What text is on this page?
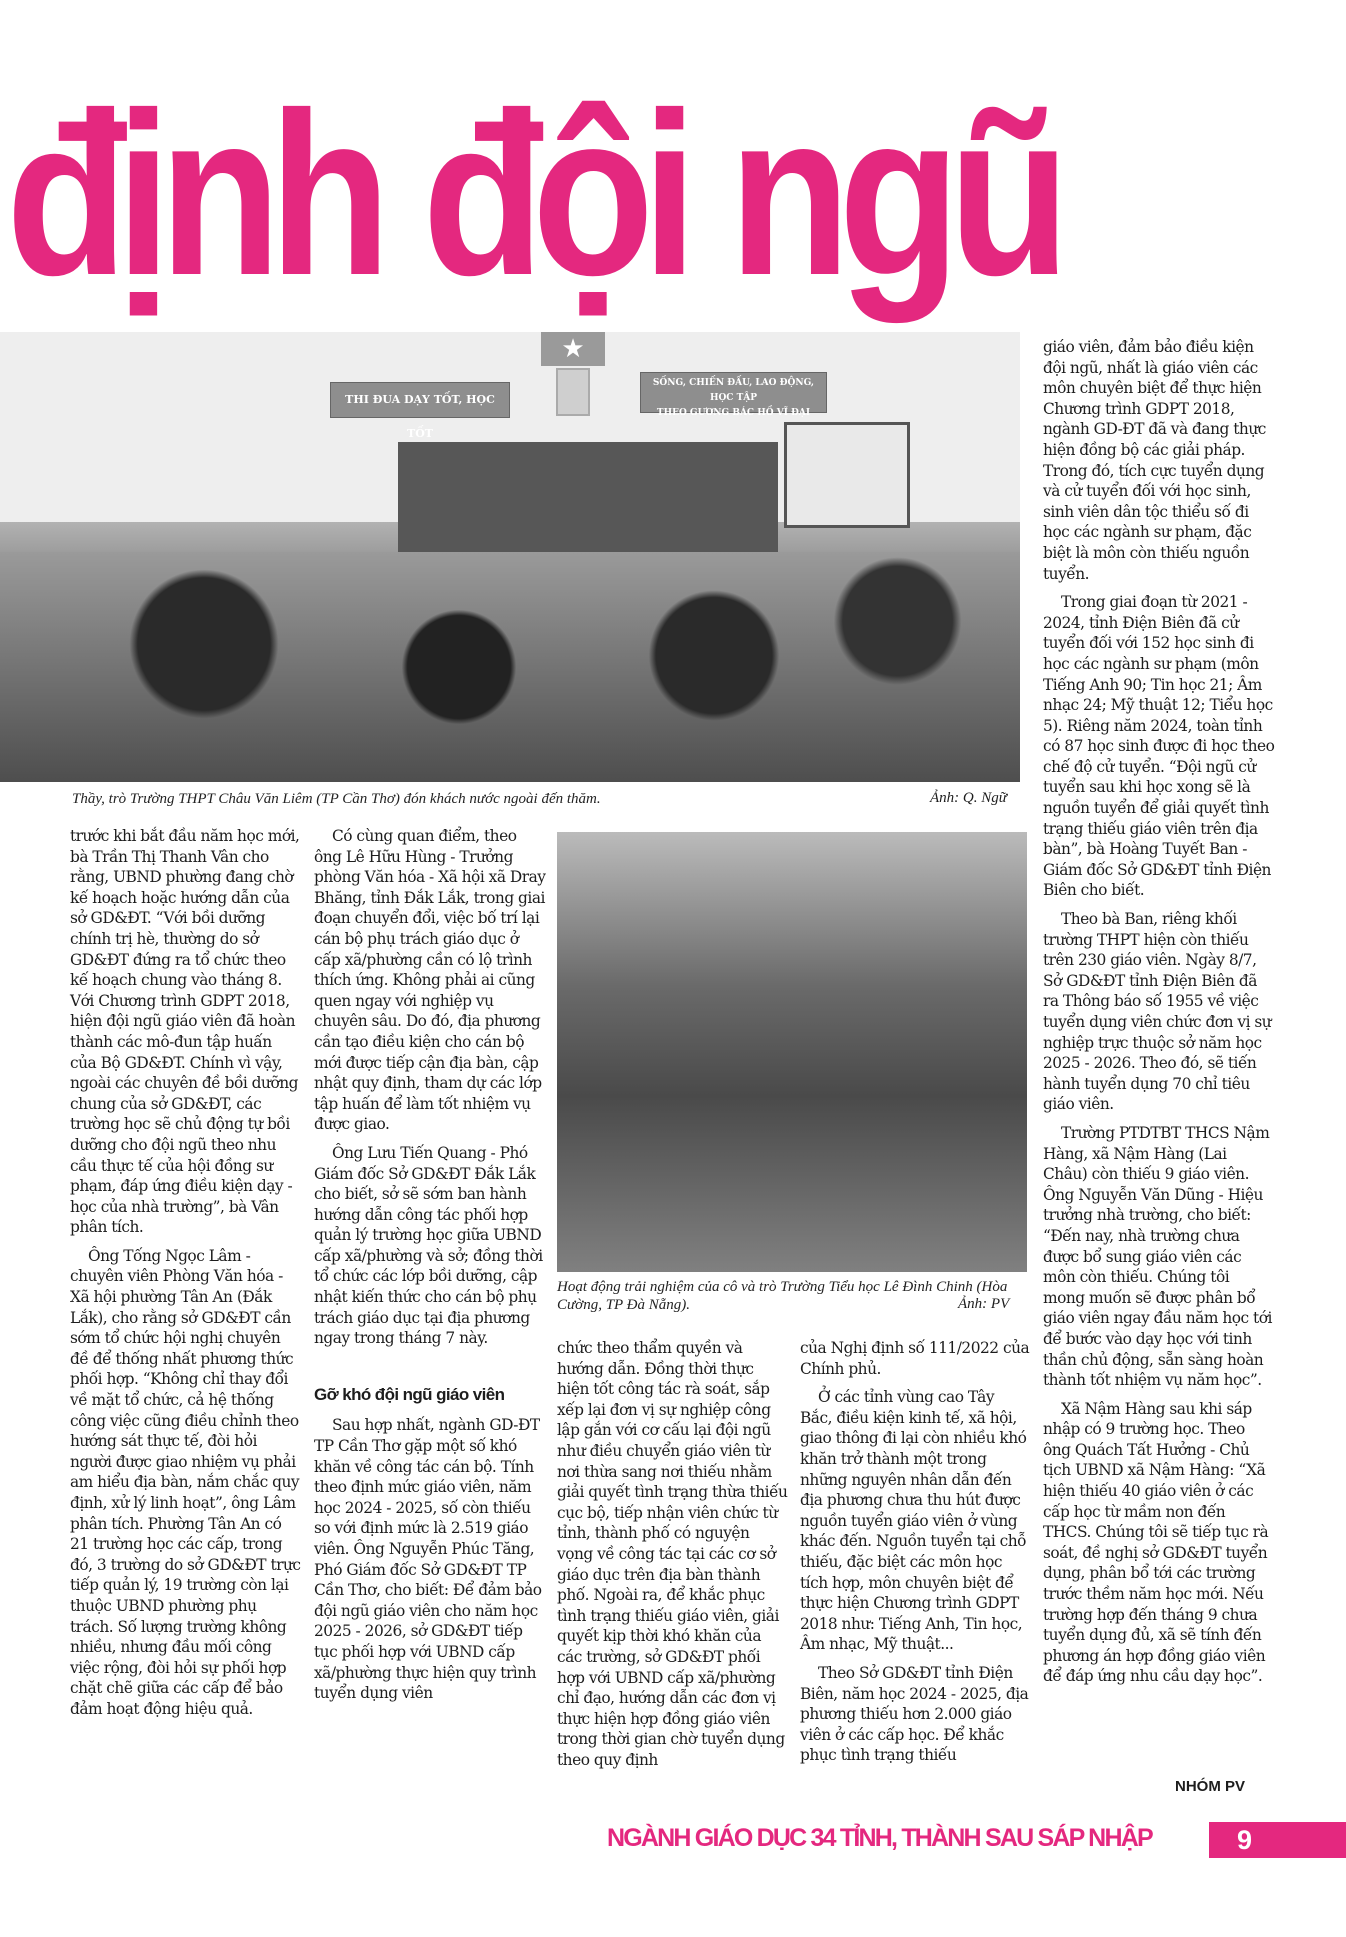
định đội ngũ
★
THI ĐUA DẠY TỐT, HỌC TỐT
SỐNG, CHIẾN ĐẤU, LAO ĐỘNG, HỌC TẬP
THEO GƯƠNG BÁC HỒ VĨ ĐẠI
Thầy, trò Trường THPT Châu Văn Liêm (TP Cần Thơ) đón khách nước ngoài đến thăm.	Ảnh: Q. Ngữ
Hoạt động trải nghiệm của cô và trò Trường Tiểu học Lê Đình Chinh (Hòa Cường, TP Đà Nẵng).	Ảnh: PV

trước khi bắt đầu năm học mới, bà Trần Thị Thanh Vân cho rằng, UBND phường đang chờ kế hoạch hoặc hướng dẫn của sở GD&ĐT. “Với bồi dưỡng chính trị hè, thường do sở GD&ĐT đứng ra tổ chức theo kế hoạch chung vào tháng 8. Với Chương trình GDPT 2018, hiện đội ngũ giáo viên đã hoàn thành các mô-đun tập huấn của Bộ GD&ĐT. Chính vì vậy, ngoài các chuyên đề bồi dưỡng chung của sở GD&ĐT, các trường học sẽ chủ động tự bồi dưỡng cho đội ngũ theo nhu cầu thực tế của hội đồng sư phạm, đáp ứng điều kiện dạy - học của nhà trường”, bà Vân phân tích.

Ông Tống Ngọc Lâm - chuyên viên Phòng Văn hóa - Xã hội phường Tân An (Đắk Lắk), cho rằng sở GD&ĐT cần sớm tổ chức hội nghị chuyên đề để thống nhất phương thức phối hợp. “Không chỉ thay đổi về mặt tổ chức, cả hệ thống công việc cũng điều chỉnh theo hướng sát thực tế, đòi hỏi người được giao nhiệm vụ phải am hiểu địa bàn, nắm chắc quy định, xử lý linh hoạt”, ông Lâm phân tích. Phường Tân An có 21 trường học các cấp, trong đó, 3 trường do sở GD&ĐT trực tiếp quản lý, 19 trường còn lại thuộc UBND phường phụ trách. Số lượng trường không nhiều, nhưng đầu mối công việc rộng, đòi hỏi sự phối hợp chặt chẽ giữa các cấp để bảo đảm hoạt động hiệu quả.

Có cùng quan điểm, theo ông Lê Hữu Hùng - Trưởng phòng Văn hóa - Xã hội xã Dray Bhăng, tỉnh Đắk Lắk, trong giai đoạn chuyển đổi, việc bố trí lại cán bộ phụ trách giáo dục ở cấp xã/phường cần có lộ trình thích ứng. Không phải ai cũng quen ngay với nghiệp vụ chuyên sâu. Do đó, địa phương cần tạo điều kiện cho cán bộ mới được tiếp cận địa bàn, cập nhật quy định, tham dự các lớp tập huấn để làm tốt nhiệm vụ được giao.

Ông Lưu Tiến Quang - Phó Giám đốc Sở GD&ĐT Đắk Lắk cho biết, sở sẽ sớm ban hành hướng dẫn công tác phối hợp quản lý trường học giữa UBND cấp xã/phường và sở; đồng thời tổ chức các lớp bồi dưỡng, cập nhật kiến thức cho cán bộ phụ trách giáo dục tại địa phương ngay trong tháng 7 này.

Gỡ khó đội ngũ giáo viên

Sau hợp nhất, ngành GD-ĐT TP Cần Thơ gặp một số khó khăn về công tác cán bộ. Tính theo định mức giáo viên, năm học 2024 - 2025, số còn thiếu so với định mức là 2.519 giáo viên. Ông Nguyễn Phúc Tăng, Phó Giám đốc Sở GD&ĐT TP Cần Thơ, cho biết: Để đảm bảo đội ngũ giáo viên cho năm học 2025 - 2026, sở GD&ĐT tiếp tục phối hợp với UBND cấp xã/phường thực hiện quy trình tuyển dụng viên

chức theo thẩm quyền và hướng dẫn. Đồng thời thực hiện tốt công tác rà soát, sắp xếp lại đơn vị sự nghiệp công lập gắn với cơ cấu lại đội ngũ như điều chuyển giáo viên từ nơi thừa sang nơi thiếu nhằm giải quyết tình trạng thừa thiếu cục bộ, tiếp nhận viên chức từ tỉnh, thành phố có nguyện vọng về công tác tại các cơ sở giáo dục trên địa bàn thành phố. Ngoài ra, để khắc phục tình trạng thiếu giáo viên, giải quyết kịp thời khó khăn của các trường, sở GD&ĐT phối hợp với UBND cấp xã/phường chỉ đạo, hướng dẫn các đơn vị thực hiện hợp đồng giáo viên trong thời gian chờ tuyển dụng theo quy định

của Nghị định số 111/2022 của Chính phủ.

Ở các tỉnh vùng cao Tây Bắc, điều kiện kinh tế, xã hội, giao thông đi lại còn nhiều khó khăn trở thành một trong những nguyên nhân dẫn đến địa phương chưa thu hút được nguồn tuyển giáo viên ở vùng khác đến. Nguồn tuyển tại chỗ thiếu, đặc biệt các môn học tích hợp, môn chuyên biệt để thực hiện Chương trình GDPT 2018 như: Tiếng Anh, Tin học, Âm nhạc, Mỹ thuật...

Theo Sở GD&ĐT tỉnh Điện Biên, năm học 2024 - 2025, địa phương thiếu hơn 2.000 giáo viên ở các cấp học. Để khắc phục tình trạng thiếu

giáo viên, đảm bảo điều kiện đội ngũ, nhất là giáo viên các môn chuyên biệt để thực hiện Chương trình GDPT 2018, ngành GD-ĐT đã và đang thực hiện đồng bộ các giải pháp. Trong đó, tích cực tuyển dụng và cử tuyển đối với học sinh, sinh viên dân tộc thiểu số đi học các ngành sư phạm, đặc biệt là môn còn thiếu nguồn tuyển.

Trong giai đoạn từ 2021 - 2024, tỉnh Điện Biên đã cử tuyển đối với 152 học sinh đi học các ngành sư phạm (môn Tiếng Anh 90; Tin học 21; Âm nhạc 24; Mỹ thuật 12; Tiểu học 5). Riêng năm 2024, toàn tỉnh có 87 học sinh được đi học theo chế độ cử tuyển. “Đội ngũ cử tuyển sau khi học xong sẽ là nguồn tuyển để giải quyết tình trạng thiếu giáo viên trên địa bàn”, bà Hoàng Tuyết Ban - Giám đốc Sở GD&ĐT tỉnh Điện Biên cho biết.

Theo bà Ban, riêng khối trường THPT hiện còn thiếu trên 230 giáo viên. Ngày 8/7, Sở GD&ĐT tỉnh Điện Biên đã ra Thông báo số 1955 về việc tuyển dụng viên chức đơn vị sự nghiệp trực thuộc sở năm học 2025 - 2026. Theo đó, sẽ tiến hành tuyển dụng 70 chỉ tiêu giáo viên.

Trường PTDTBT THCS Nậm Hàng, xã Nậm Hàng (Lai Châu) còn thiếu 9 giáo viên. Ông Nguyễn Văn Dũng - Hiệu trưởng nhà trường, cho biết: “Đến nay, nhà trường chưa được bổ sung giáo viên các môn còn thiếu. Chúng tôi mong muốn sẽ được phân bổ giáo viên ngay đầu năm học tới để bước vào dạy học với tinh thần chủ động, sẵn sàng hoàn thành tốt nhiệm vụ năm học”.

Xã Nậm Hàng sau khi sáp nhập có 9 trường học. Theo ông Quách Tất Hưởng - Chủ tịch UBND xã Nậm Hàng: “Xã hiện thiếu 40 giáo viên ở các cấp học từ mầm non đến THCS. Chúng tôi sẽ tiếp tục rà soát, đề nghị sở GD&ĐT tuyển dụng, phân bổ tới các trường trước thềm năm học mới. Nếu trường hợp đến tháng 9 chưa tuyển dụng đủ, xã sẽ tính đến phương án hợp đồng giáo viên để đáp ứng nhu cầu dạy học”.

NHÓM PV
NGÀNH GIÁO DỤC 34 TỈNH, THÀNH SAU SÁP NHẬP	9
